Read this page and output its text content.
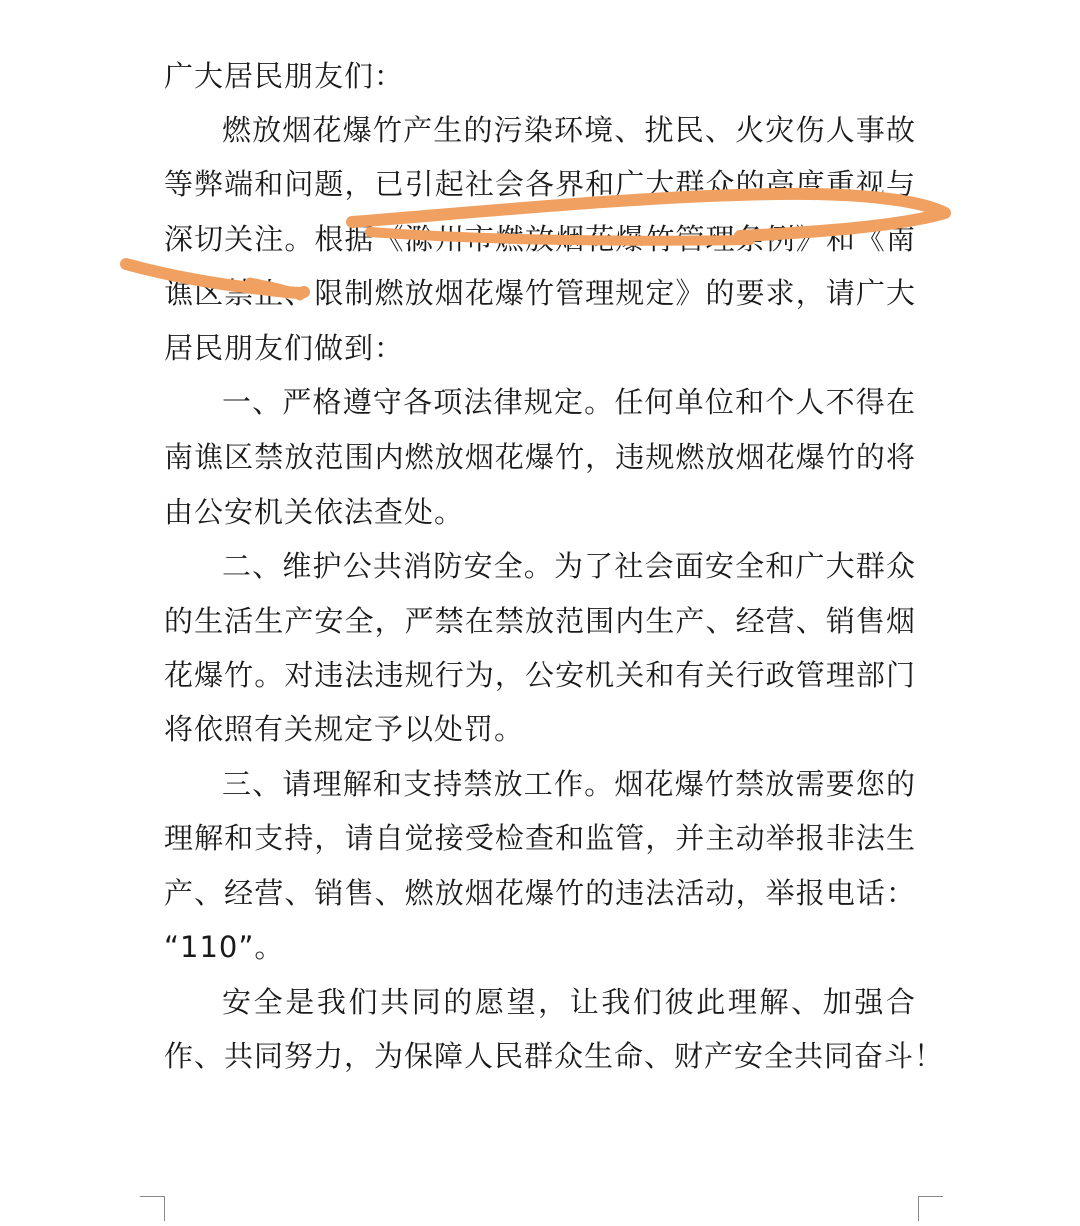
广大居民朋友们：
燃放烟花爆竹产生的污染环境、扰民、火灾伤人事故
等弊端和问题，已引起社会各界和广大群众的高度重视与
深切关注。根据《滁州市燃放烟花爆竹管理条例》和《南
谯区禁止、限制燃放烟花爆竹管理规定》的要求，请广大
居民朋友们做到：
一、严格遵守各项法律规定。任何单位和个人不得在
南谯区禁放范围内燃放烟花爆竹，违规燃放烟花爆竹的将
由公安机关依法查处。
二、维护公共消防安全。为了社会面安全和广大群众
的生活生产安全，严禁在禁放范围内生产、经营、销售烟
花爆竹。对违法违规行为，公安机关和有关行政管理部门
将依照有关规定予以处罚。
三、请理解和支持禁放工作。烟花爆竹禁放需要您的
理解和支持，请自觉接受检查和监管，并主动举报非法生
产、经营、销售、燃放烟花爆竹的违法活动，举报电话：
“110”。
安全是我们共同的愿望，让我们彼此理解、加强合
作、共同努力，为保障人民群众生命、财产安全共同奋斗！
